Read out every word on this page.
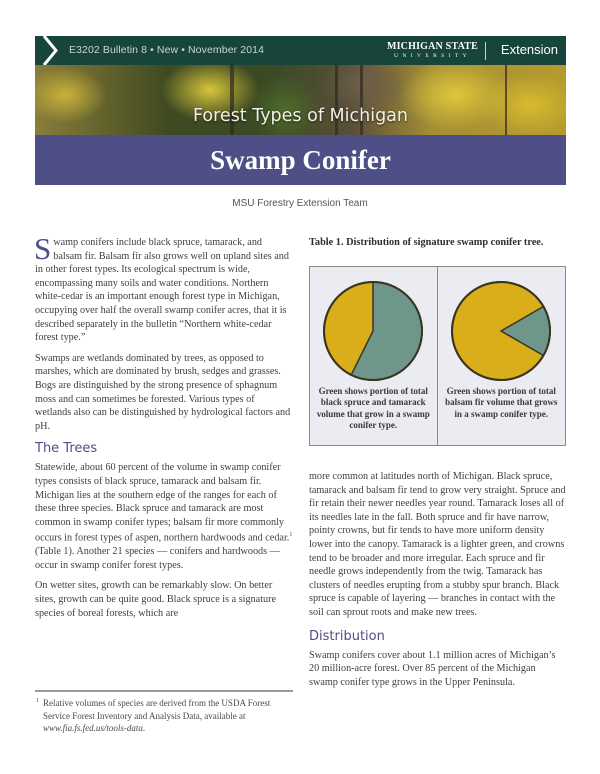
E3202 Bulletin 8 • New • November 2014	MICHIGAN STATE
UNIVERSITY	Extension
Forest Types of Michigan
Swamp Conifer
MSU Forestry Extension Team

Swamp conifers include black spruce, tamarack, and balsam fir. Balsam fir also grows well on upland sites and in other forest types. Its ecological spectrum is wide, encompassing many soils and water conditions. Northern white-cedar is an important enough forest type in Michigan, occupying over half the overall swamp conifer acres, that it is described separately in the bulletin “Northern white-cedar forest type.”

Swamps are wetlands dominated by trees, as opposed to marshes, which are dominated by brush, sedges and grasses. Bogs are distinguished by the strong presence of sphagnum moss and can sometimes be forested. Various types of wetlands also can be distinguished by hydrological factors and pH.

The Trees

Statewide, about 60 percent of the volume in swamp conifer types consists of black spruce, tamarack and balsam fir. Michigan lies at the southern edge of the ranges for each of these three species. Black spruce and tamarack are most common in swamp conifer types; balsam fir more commonly occurs in forest types of aspen, northern hardwoods and cedar.$^1$ (Table 1). Another 21 species — conifers and hardwoods — occur in swamp conifer forest types.

On wetter sites, growth can be remarkably slow. On better sites, growth can be quite good. Black spruce is a signature species of boreal forests, which are

1 Relative volumes of species are derived from the USDA Forest Service Forest Inventory and Analysis Data, available at www.fia.fs.fed.us/tools-data.
Table 1. Distribution of signature swamp conifer tree.
Green shows portion of total black spruce and tamarack volume that grow in a swamp conifer type.
Green shows portion of total balsam fir volume that grows in a swamp conifer type.

more common at latitudes north of Michigan. Black spruce, tamarack and balsam fir tend to grow very straight. Spruce and fir retain their newer needles year round. Tamarack loses all of its needles late in the fall. Both spruce and fir have narrow, pointy crowns, but fir tends to have more uniform density lower into the canopy. Tamarack is a lighter green, and crowns tend to be broader and more irregular. Each spruce and fir needle grows independently from the twig. Tamarack has clusters of needles erupting from a stubby spur branch. Black spruce is capable of layering — branches in contact with the soil can sprout roots and make new trees.

Distribution

Swamp conifers cover about 1.1 million acres of Michigan’s 20 million-acre forest. Over 85 percent of the Michigan swamp conifer type grows in the Upper Peninsula.
